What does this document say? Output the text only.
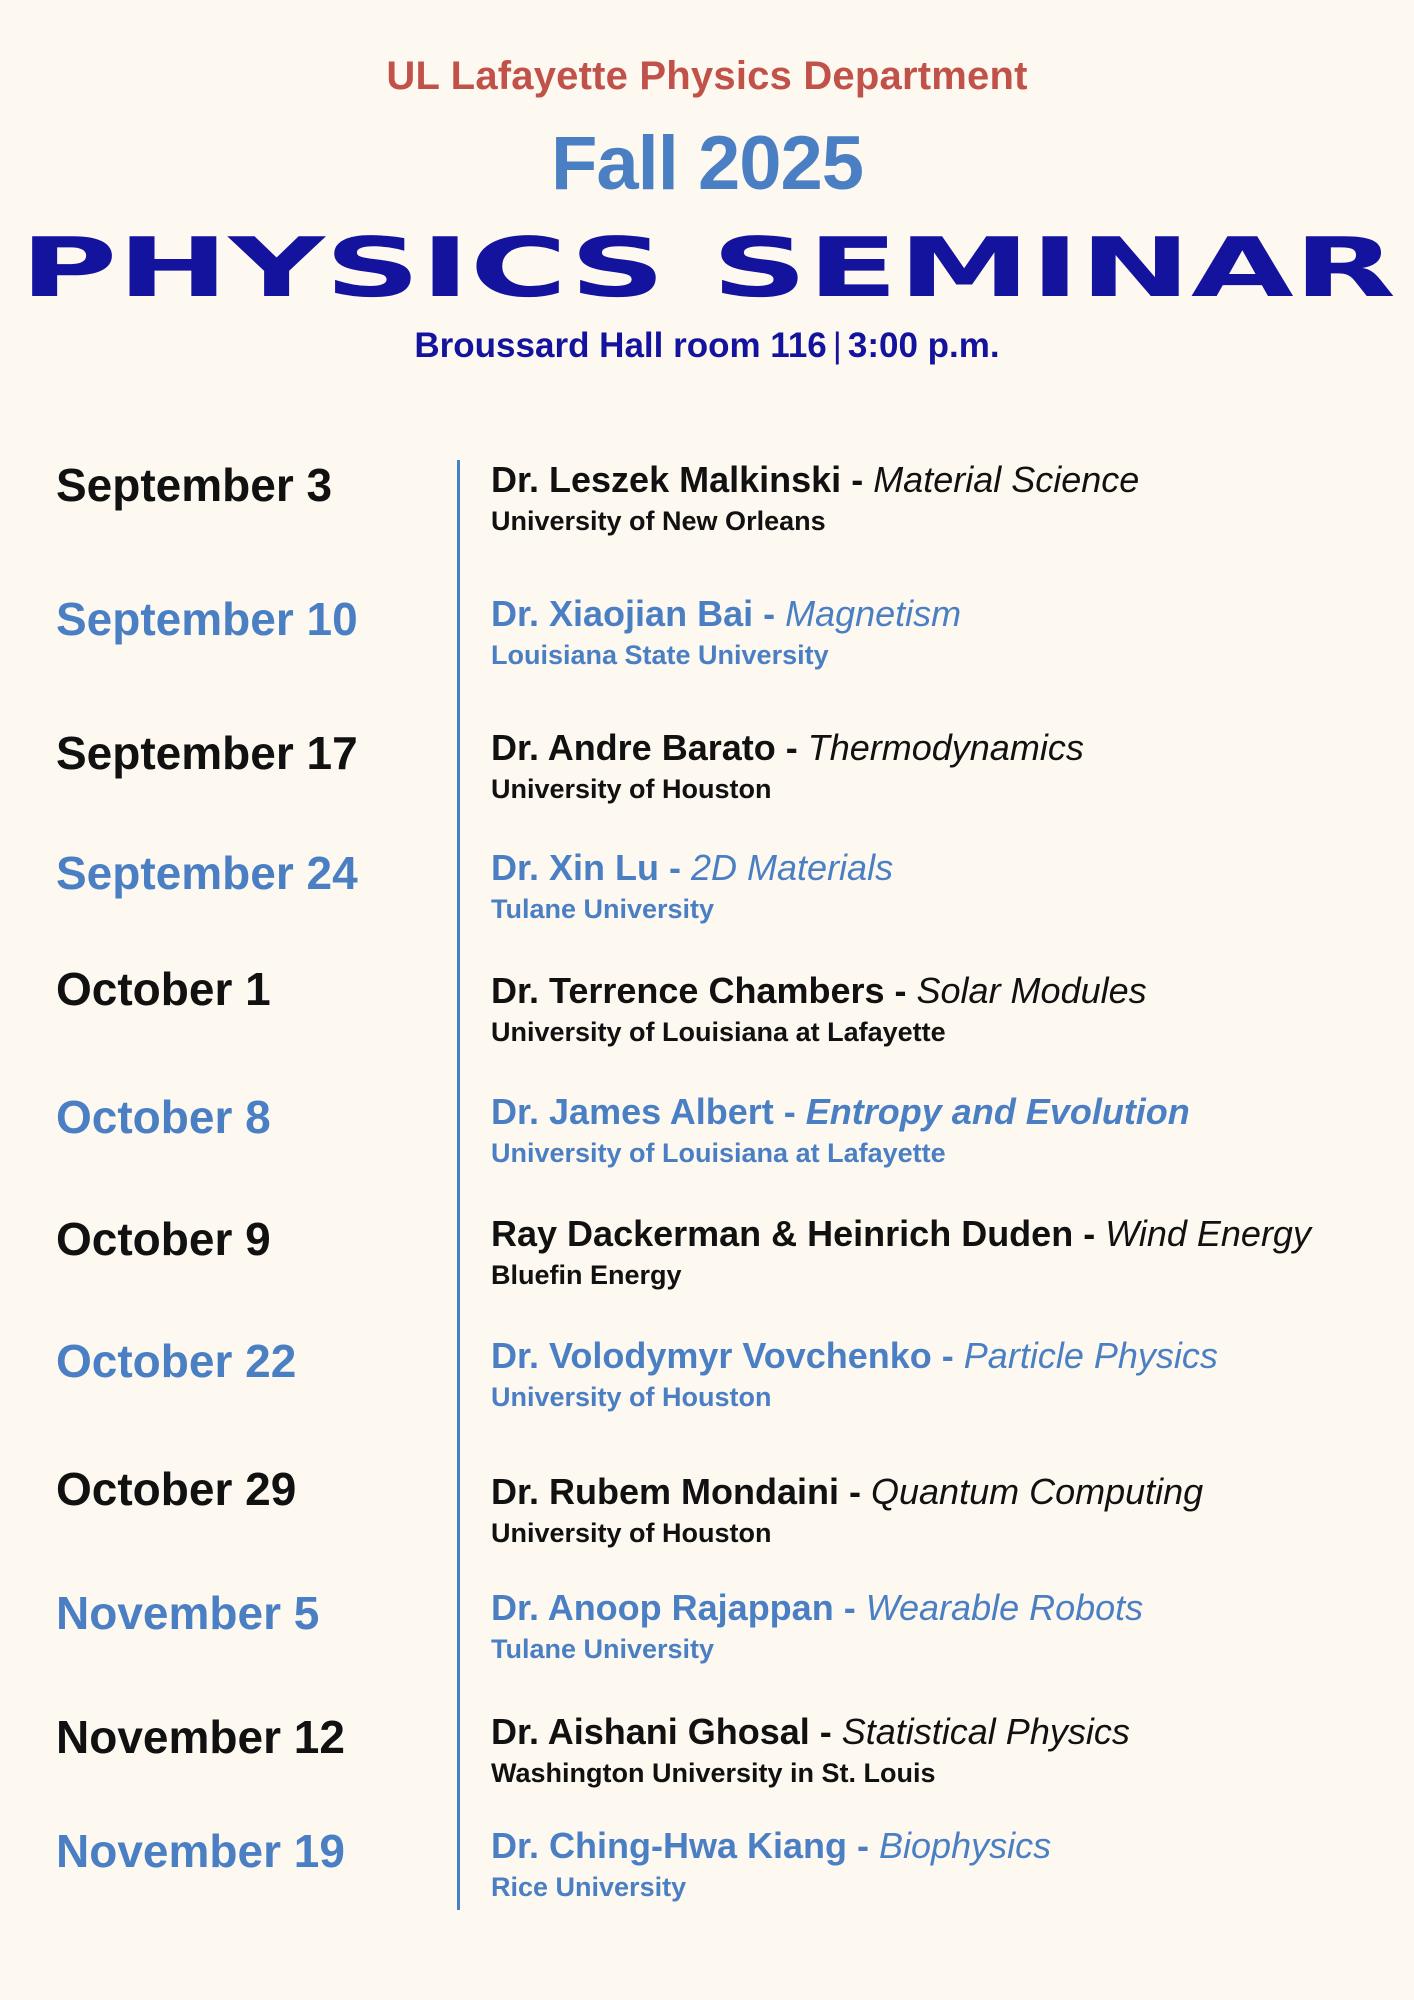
UL Lafayette Physics Department
Fall 2025
PHYSICS SEMINAR
Broussard Hall room 116 | 3:00 p.m.
September 3	Dr. Leszek Malkinski - Material Science
University of New Orleans
September 10	Dr. Xiaojian Bai - Magnetism
Louisiana State University
September 17	Dr. Andre Barato - Thermodynamics
University of Houston
September 24	Dr. Xin Lu - 2D Materials
Tulane University
October 1	Dr. Terrence Chambers - Solar Modules
University of Louisiana at Lafayette
October 8	Dr. James Albert - Entropy and Evolution
University of Louisiana at Lafayette
October 9	Ray Dackerman & Heinrich Duden - Wind Energy
Bluefin Energy
October 22	Dr. Volodymyr Vovchenko - Particle Physics
University of Houston
October 29	Dr. Rubem Mondaini - Quantum Computing
University of Houston
November 5	Dr. Anoop Rajappan - Wearable Robots
Tulane University
November 12	Dr. Aishani Ghosal - Statistical Physics
Washington University in St. Louis
November 19	Dr. Ching-Hwa Kiang - Biophysics
Rice University
